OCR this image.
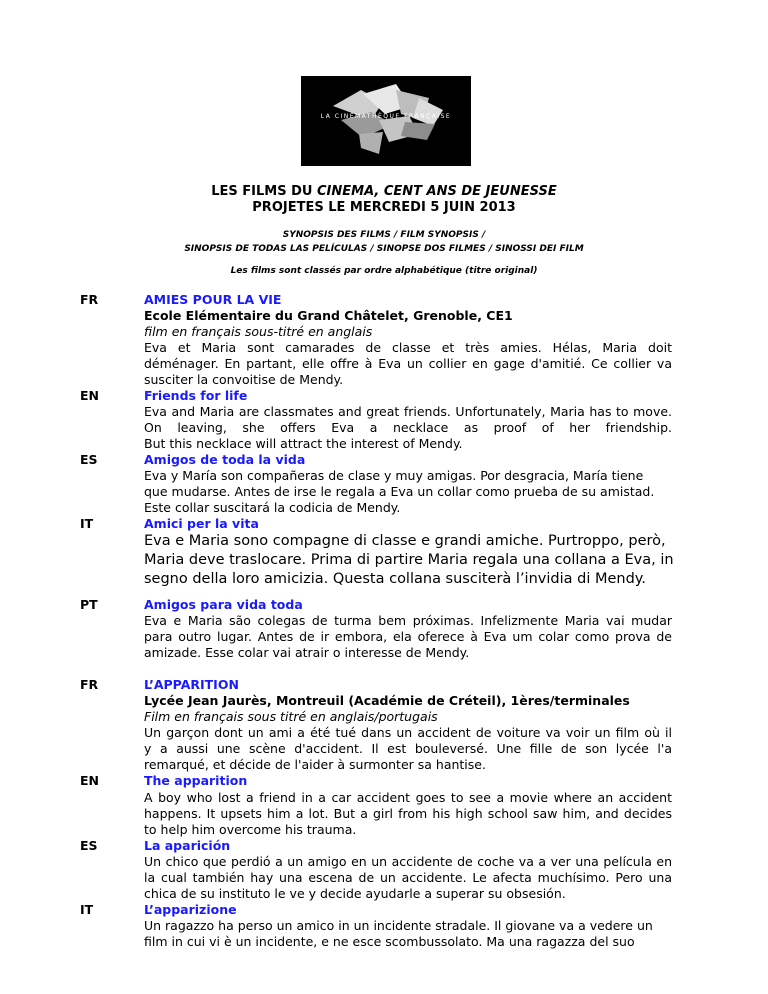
LA CINÉMATHÈQUE FRANÇAISE
LES FILMS DU CINEMA, CENT ANS DE JEUNESSE
PROJETES LE MERCREDI 5 JUIN 2013
SYNOPSIS DES FILMS / FILM SYNOPSIS /
SINOPSIS DE TODAS LAS PELÍCULAS / SINOPSE DOS FILMES / SINOSSI DEI FILM
Les films sont classés par ordre alphabétique (titre original)
FR	AMIES POUR LA VIE
Ecole Elémentaire du Grand Châtelet, Grenoble, CE1
film en français sous-titré en anglais
Eva et Maria sont camarades de classe et très amies. Hélas, Maria doit
déménager. En partant, elle offre à Eva un collier en gage d'amitié. Ce collier va
susciter la convoitise de Mendy.
EN	Friends for life
Eva and Maria are classmates and great friends. Unfortunately, Maria has to move.
On leaving, she offers Eva a necklace as proof of her friendship.
But this necklace will attract the interest of Mendy.
ES	Amigos de toda la vida
Eva y María son compañeras de clase y muy amigas. Por desgracia, María tiene
que mudarse. Antes de irse le regala a Eva un collar como prueba de su amistad.
Este collar suscitará la codicia de Mendy.
IT	Amici per la vita
Eva e Maria sono compagne di classe e grandi amiche. Purtroppo, però,
Maria deve traslocare. Prima di partire Maria regala una collana a Eva, in
segno della loro amicizia. Questa collana susciterà l’invidia di Mendy.
PT	Amigos para vida toda
Eva e Maria são colegas de turma bem próximas. Infelizmente Maria vai mudar
para outro lugar. Antes de ir embora, ela oferece à Eva um colar como prova de
amizade. Esse colar vai atrair o interesse de Mendy.
FR	L’APPARITION
Lycée Jean Jaurès, Montreuil (Académie de Créteil), 1ères/terminales
Film en français sous titré en anglais/portugais
Un garçon dont un ami a été tué dans un accident de voiture va voir un film où il
y a aussi une scène d'accident. Il est bouleversé. Une fille de son lycée l'a
remarqué, et décide de l'aider à surmonter sa hantise.
EN	The apparition
A boy who lost a friend in a car accident goes to see a movie where an accident
happens. It upsets him a lot. But a girl from his high school saw him, and decides
to help him overcome his trauma.
ES	La aparición
Un chico que perdió a un amigo en un accidente de coche va a ver una película en
la cual también hay una escena de un accidente. Le afecta muchísimo. Pero una
chica de su instituto le ve y decide ayudarle a superar su obsesión.
IT	L’apparizione
Un ragazzo ha perso un amico in un incidente stradale. Il giovane va a vedere un
film in cui vi è un incidente, e ne esce scombussolato. Ma una ragazza del suo
